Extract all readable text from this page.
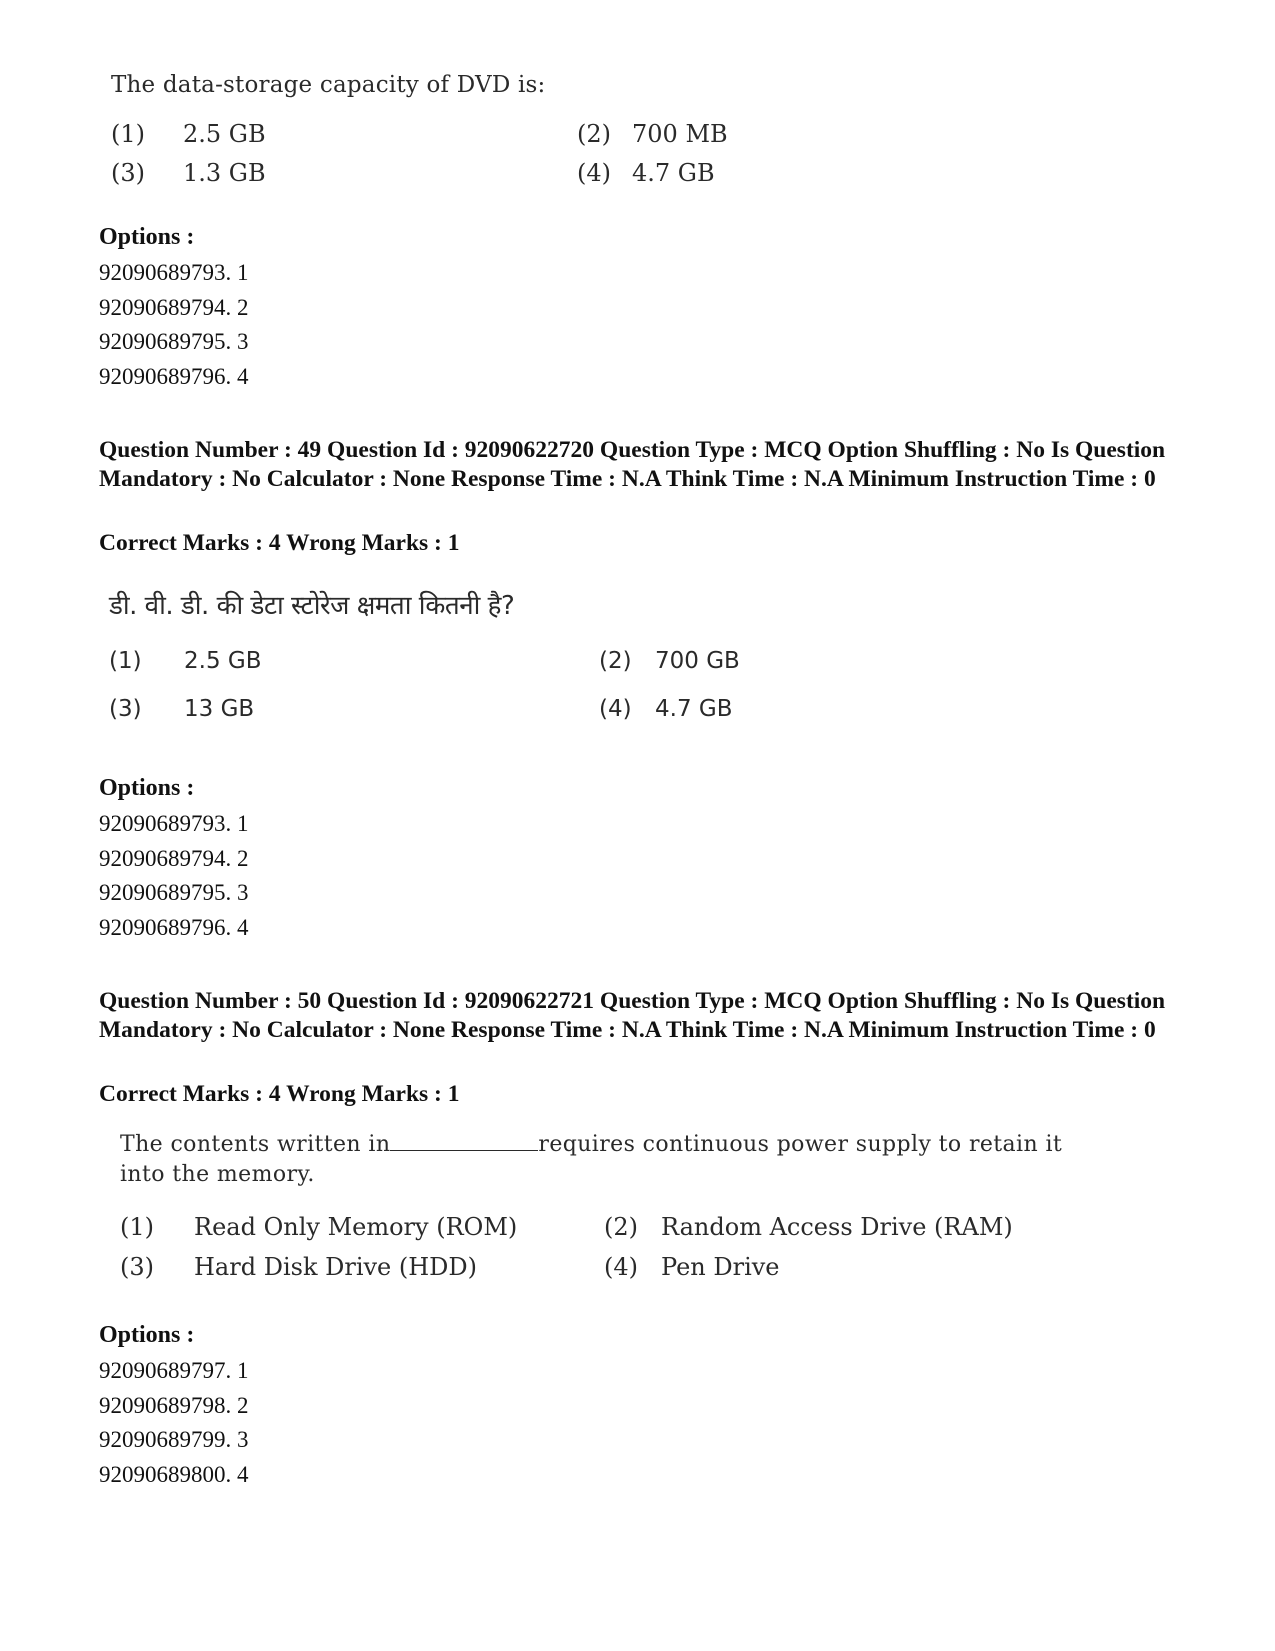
The data-storage capacity of DVD is:
(1) 2.5 GB	(2) 700 MB
(3) 1.3 GB	(4) 4.7 GB
Options :
92090689793. 1
92090689794. 2
92090689795. 3
92090689796. 4
Question Number : 49 Question Id : 92090622720 Question Type : MCQ Option Shuffling : No Is Question Mandatory : No Calculator : None Response Time : N.A Think Time : N.A Minimum Instruction Time : 0
Correct Marks : 4 Wrong Marks : 1
डी. वी. डी. की डेटा स्टोरेज क्षमता कितनी है?
(1) 2.5 GB	(2) 700 GB
(3) 13 GB	(4) 4.7 GB
Options :
92090689793. 1
92090689794. 2
92090689795. 3
92090689796. 4
Question Number : 50 Question Id : 92090622721 Question Type : MCQ Option Shuffling : No Is Question Mandatory : No Calculator : None Response Time : N.A Think Time : N.A Minimum Instruction Time : 0
Correct Marks : 4 Wrong Marks : 1
The contents written in	requires continuous power supply to retain it into the memory.
(1) Read Only Memory (ROM)	(2) Random Access Drive (RAM)
(3) Hard Disk Drive (HDD)	(4) Pen Drive
Options :
92090689797. 1
92090689798. 2
92090689799. 3
92090689800. 4
